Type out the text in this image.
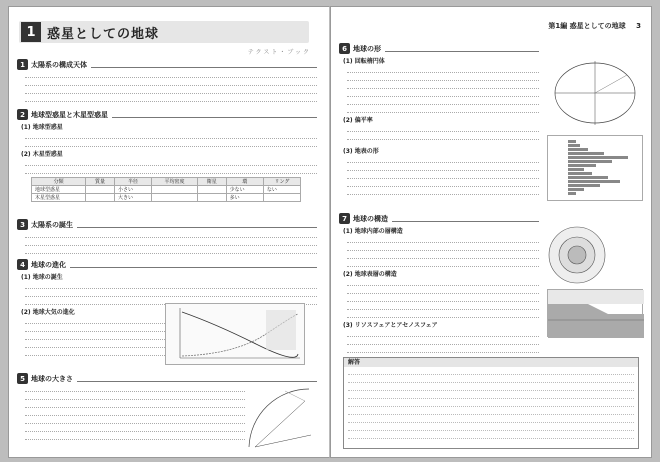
1 惑星としての地球
テクスト・ブック
1 太陽系の構成天体
2 地球型惑星と木星型惑星
(1) 地球型惑星
(2) 木星型惑星
分類	質量	半径	平均密度	衛星	環	リング
地球型惑星		小さい			少ない	ない
木星型惑星		大きい			多い	
3 太陽系の誕生
4 地球の進化
(1) 地球の誕生
(2) 地球大気の進化
5 地球の大きさ
第1編 惑星としての地球 3
6 地球の形
(1) 回転楕円体
(2) 偏平率
(3) 地表の形
7 地球の構造
(1) 地球内部の層構造
(2) 地球表層の構造
(3) リソスフェアとアセノスフェア
解答
